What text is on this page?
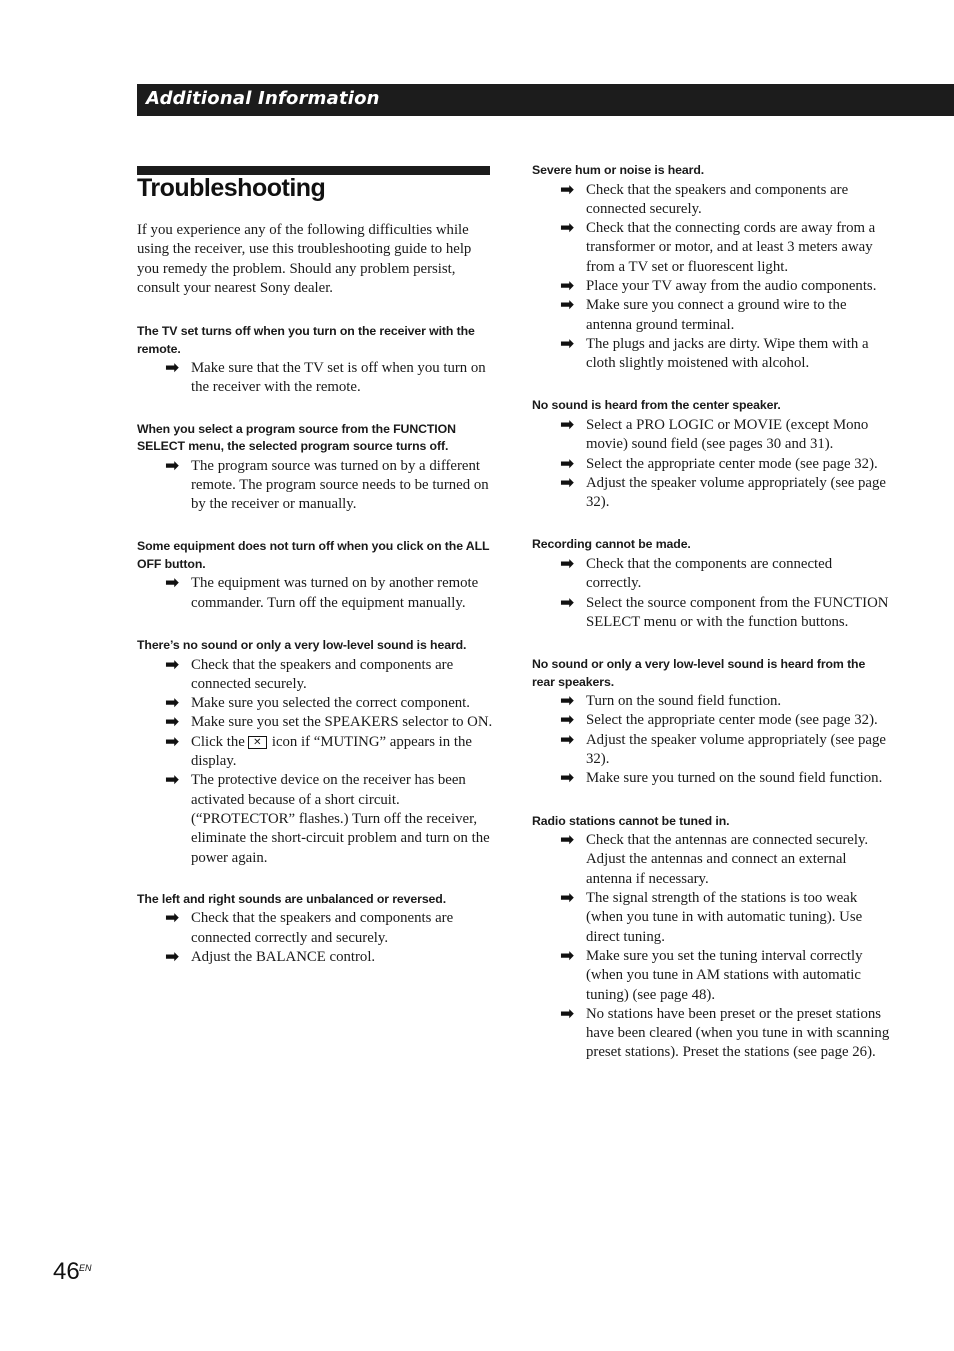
Additional Information
Troubleshooting

If you experience any of the following difficulties while using the receiver, use this troubleshooting guide to help you remedy the problem. Should any problem persist, consult your nearest Sony dealer.

The TV set turns off when you turn on the receiver with the remote.
➡ Make sure that the TV set is off when you turn on the receiver with the remote.
When you select a program source from the FUNCTION SELECT menu, the selected program source turns off.
➡ The program source was turned on by a different remote. The program source needs to be turned on by the receiver or manually.
Some equipment does not turn off when you click on the ALL OFF button.
➡ The equipment was turned on by another remote commander. Turn off the equipment manually.
There’s no sound or only a very low-level sound is heard.
➡ Check that the speakers and components are connected securely.
➡ Make sure you selected the correct component.
➡ Make sure you set the SPEAKERS selector to ON.
➡ Click the ✕ icon if “MUTING” appears in the display.
➡ The protective device on the receiver has been activated because of a short circuit. (“PROTECTOR” flashes.) Turn off the receiver, eliminate the short-circuit problem and turn on the power again.
The left and right sounds are unbalanced or reversed.
➡ Check that the speakers and components are connected correctly and securely.
➡ Adjust the BALANCE control.
Severe hum or noise is heard.
➡ Check that the speakers and components are connected securely.
➡ Check that the connecting cords are away from a transformer or motor, and at least 3 meters away from a TV set or fluorescent light.
➡ Place your TV away from the audio components.
➡ Make sure you connect a ground wire to the antenna ground terminal.
➡ The plugs and jacks are dirty. Wipe them with a cloth slightly moistened with alcohol.
No sound is heard from the center speaker.
➡ Select a PRO LOGIC or MOVIE (except Mono movie) sound field (see pages 30 and 31).
➡ Select the appropriate center mode (see page 32).
➡ Adjust the speaker volume appropriately (see page 32).
Recording cannot be made.
➡ Check that the components are connected correctly.
➡ Select the source component from the FUNCTION SELECT menu or with the function buttons.
No sound or only a very low-level sound is heard from the rear speakers.
➡ Turn on the sound field function.
➡ Select the appropriate center mode (see page 32).
➡ Adjust the speaker volume appropriately (see page 32).
➡ Make sure you turned on the sound field function.
Radio stations cannot be tuned in.
➡ Check that the antennas are connected securely. Adjust the antennas and connect an external antenna if necessary.
➡ The signal strength of the stations is too weak (when you tune in with automatic tuning). Use direct tuning.
➡ Make sure you set the tuning interval correctly (when you tune in AM stations with automatic tuning) (see page 48).
➡ No stations have been preset or the preset stations have been cleared (when you tune in with scanning preset stations). Preset the stations (see page 26).
46 EN
